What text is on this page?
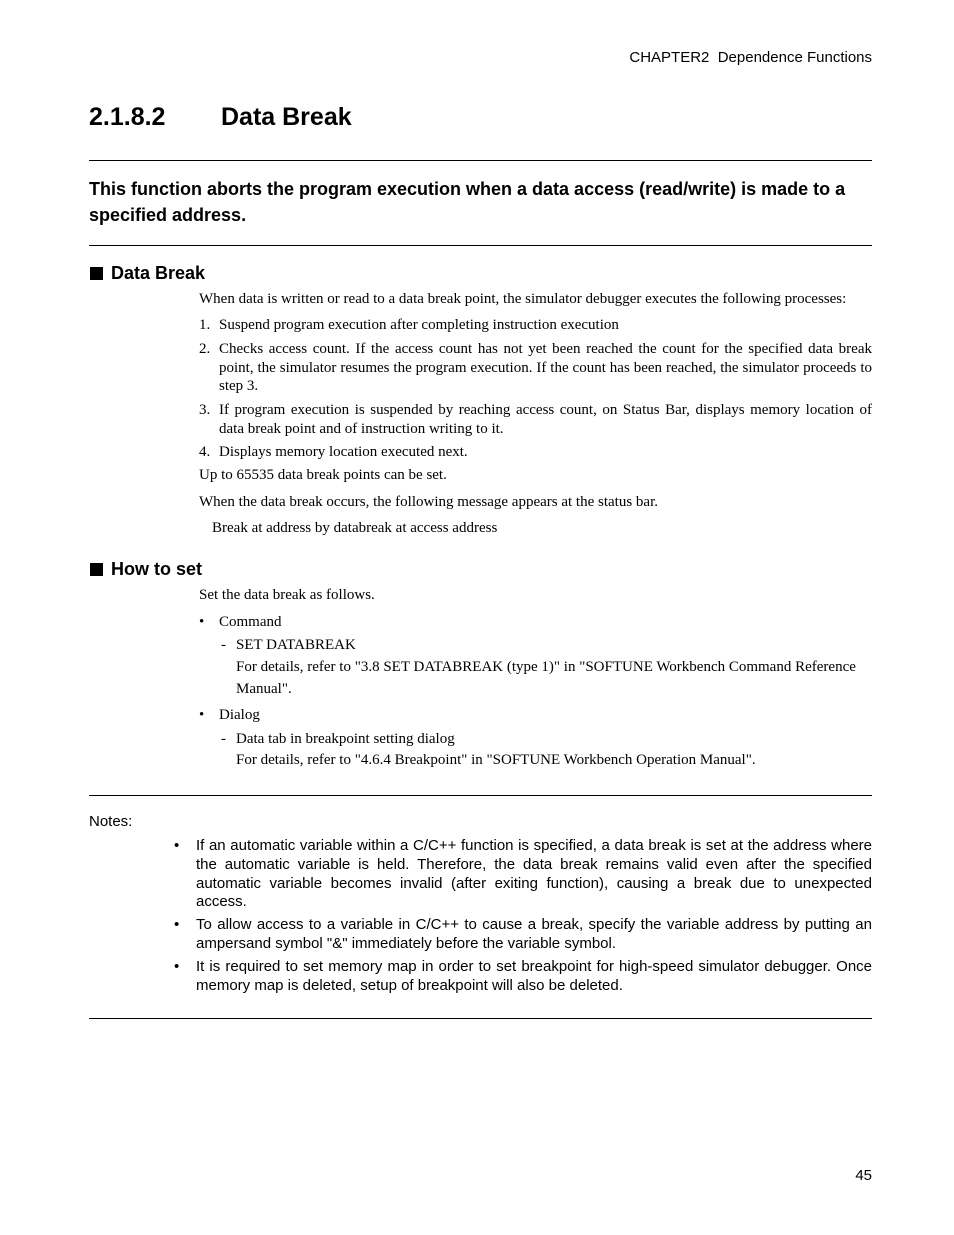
CHAPTER2  Dependence Functions
2.1.8.2 Data Break
This function aborts the program execution when a data access (read/write) is made to a specified address.
Data Break
When data is written or read to a data break point, the simulator debugger executes the following processes:
1. Suspend program execution after completing instruction execution
2. Checks access count. If the access count has not yet been reached the count for the specified data break point, the simulator resumes the program execution. If the count has been reached, the simulator proceeds to step 3.
3. If program execution is suspended by reaching access count, on Status Bar, displays memory location of data break point and of instruction writing to it.
4. Displays memory location executed next.
Up to 65535 data break points can be set.
When the data break occurs, the following message appears at the status bar.
Break at address by databreak at access address
How to set
Set the data break as follows.
• Command
- SET DATABREAK
For details, refer to "3.8 SET DATABREAK (type 1)" in "SOFTUNE Workbench Command Reference Manual".
• Dialog
- Data tab in breakpoint setting dialog
For details, refer to "4.6.4 Breakpoint" in "SOFTUNE Workbench Operation Manual".
Notes:
• If an automatic variable within a C/C++ function is specified, a data break is set at the address where the automatic variable is held. Therefore, the data break remains valid even after the specified automatic variable becomes invalid (after exiting function), causing a break due to unexpected access.
• To allow access to a variable in C/C++ to cause a break, specify the variable address by putting an ampersand symbol "&" immediately before the variable symbol.
• It is required to set memory map in order to set breakpoint for high-speed simulator debugger. Once memory map is deleted, setup of breakpoint will also be deleted.
45
